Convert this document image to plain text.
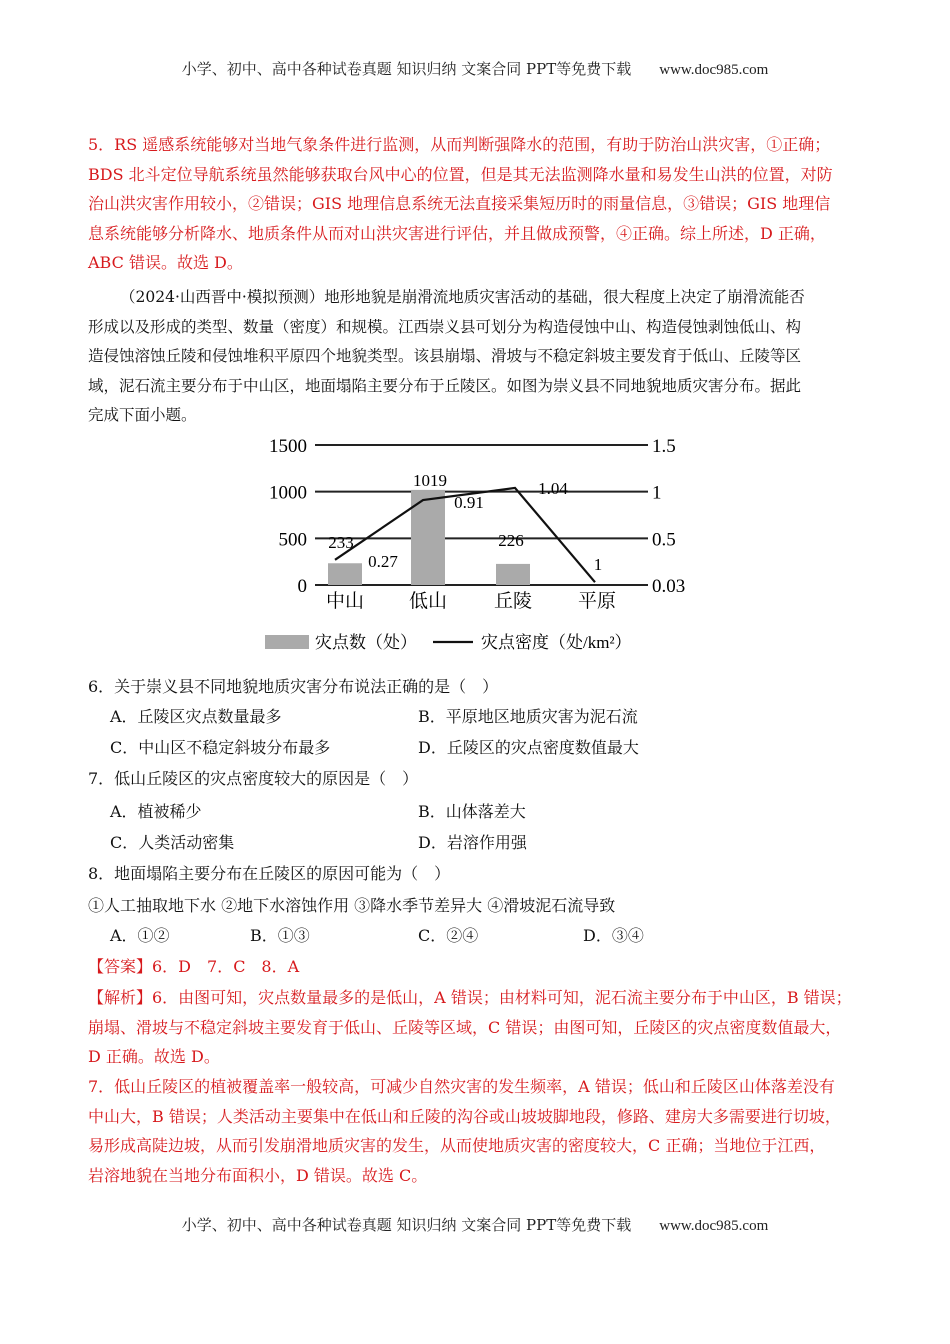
小学、初中、高中各种试卷真题 知识归纳 文案合同 PPT等免费下载 www.doc985.com
5．RS 遥感系统能够对当地气象条件进行监测，从而判断强降水的范围，有助于防治山洪灾害，①正确；
BDS 北斗定位导航系统虽然能够获取台风中心的位置，但是其无法监测降水量和易发生山洪的位置，对防
治山洪灾害作用较小，②错误；GIS 地理信息系统无法直接采集短历时的雨量信息，③错误；GIS 地理信
息系统能够分析降水、地质条件从而对山洪灾害进行评估，并且做成预警，④正确。综上所述，D 正确，
ABC 错误。故选 D。
（2024·山西晋中·模拟预测）地形地貌是崩滑流地质灾害活动的基础，很大程度上决定了崩滑流能否
形成以及形成的类型、数量（密度）和规模。江西崇义县可划分为构造侵蚀中山、构造侵蚀剥蚀低山、构
造侵蚀溶蚀丘陵和侵蚀堆积平原四个地貌类型。该县崩塌、滑坡与不稳定斜坡主要发育于低山、丘陵等区
域，泥石流主要分布于中山区，地面塌陷主要分布于丘陵区。如图为崇义县不同地貌地质灾害分布。据此
完成下面小题。
0
500
1000
1500
0.03
0.5
1
1.5
233
1019
226
0.27
0.91
1.04
1
中山 低山 丘陵 平原
灾点数（处）	灾点密度（处/km²）
6．关于崇义县不同地貌地质灾害分布说法正确的是（　）
A．丘陵区灾点数量最多	B．平原地区地质灾害为泥石流
C．中山区不稳定斜坡分布最多	D．丘陵区的灾点密度数值最大
7．低山丘陵区的灾点密度较大的原因是（　）
A．植被稀少	B．山体落差大
C．人类活动密集	D．岩溶作用强
8．地面塌陷主要分布在丘陵区的原因可能为（　）
①人工抽取地下水 ②地下水溶蚀作用 ③降水季节差异大 ④滑坡泥石流导致
A．①②	B．①③	C．②④	D．③④
【答案】6．D　7．C　8．A
【解析】6．由图可知，灾点数量最多的是低山，A 错误；由材料可知，泥石流主要分布于中山区，B 错误；
崩塌、滑坡与不稳定斜坡主要发育于低山、丘陵等区域，C 错误；由图可知，丘陵区的灾点密度数值最大，
D 正确。故选 D。
7．低山丘陵区的植被覆盖率一般较高，可减少自然灾害的发生频率，A 错误；低山和丘陵区山体落差没有
中山大，B 错误；人类活动主要集中在低山和丘陵的沟谷或山坡坡脚地段，修路、建房大多需要进行切坡，
易形成高陡边坡，从而引发崩滑地质灾害的发生，从而使地质灾害的密度较大，C 正确；当地位于江西，
岩溶地貌在当地分布面积小，D 错误。故选 C。
小学、初中、高中各种试卷真题 知识归纳 文案合同 PPT等免费下载 www.doc985.com
